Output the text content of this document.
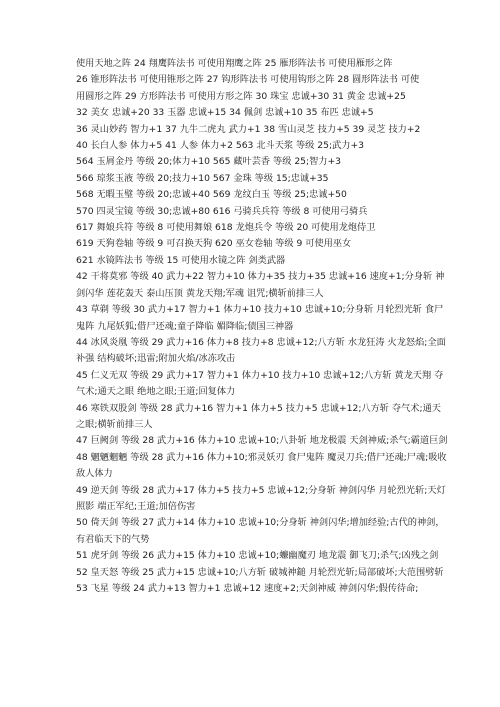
使用天地之阵 24 翔鹰阵法书 可使用翔鹰之阵 25 雁形阵法书 可使用雁形之阵

26 锥形阵法书 可使用锥形之阵 27 钩形阵法书 可使用钩形之阵 28 圆形阵法书 可使

用圆形之阵 29 方形阵法书 可使用方形之阵 30 珠宝 忠诚+30 31 黄金 忠诚+25

32 美女 忠诚+20 33 玉器 忠诚+15 34 佩剑 忠诚+10 35 布匹 忠诚+5

36 灵山妙药 智力+1 37 九牛二虎丸 武力+1 38 雪山灵芝 技力+5 39 灵芝 技力+2

40 长白人参 体力+5 41 人参 体力+2 563 北斗天浆 等级 25;武力+3

564 玉屑金丹 等级 20;体力+10 565 藏叶芸香 等级 25;智力+3

566 琼浆玉液 等级 20;技力+10 567 金珠 等级 15;忠诚+35

568 无暇玉璧 等级 20;忠诚+40 569 龙纹白玉 等级 25;忠诚+50

570 四灵宝镜 等级 30;忠诚+80 616 弓骑兵兵符 等级 8 可使用弓骑兵

617 舞娘兵符 等级 8 可使用舞娘 618 龙炮兵令 等级 20 可使用龙炮侍卫

619 天狗卷轴 等级 9 可召换天狗 620 巫女卷轴 等级 9 可使用巫女

621 水镜阵法书 等级 15 可使用水镜之阵 剑类武器

42 干将莫邪 等级 40 武力+22 智力+10 体力+35 技力+35 忠诚+16 速度+1;分身斩 神剑闪华 莲花轰天 泰山压顶 黄龙天翔;军魂 诅咒;横斩前排三人

43 草剃 等级 30 武力+17 智力+1 体力+10 技力+10 忠诚+10;分身斩 月轮烈光斩 食尸鬼阵 九尾妖狐;借尸还魂;童子降临 媚降临;债国三神器

44 冰风炎凰 等级 29 武力+16 体力+8 技力+8 忠诚+12;八方斩 水龙狂涛 火龙怒焰;全面补强 结构破坏;迅雷;附加火焰/冰冻攻击

45 仁义无双 等级 29 武力+17 智力+1 体力+10 技力+10 忠诚+12;八方斩 黄龙天翔 夺气术;通天之眼 绝地之眼;王道;回复体力

46 寒铁双股剑 等级 28 武力+16 智力+1 体力+5 技力+5 忠诚+12;八方斩 夺气术;通天之眼;横斩前排三人

47 巨阙剑 等级 28 武力+16 体力+10 忠诚+10;八卦斩 地龙极震 天剑神威;杀气;霸道巨剑

48 魍魉魍魉 等级 28 武力+16 体力+10;邪灵妖刃 食尸鬼阵 魔灵刀兵;借尸还魂;尸魂;吸收敌人体力

49 逆天剑 等级 28 武力+17 体力+5 技力+5 忠诚+12;分身斩 神剑闪华 月轮烈光斩;天灯照影 端正军纪;王道;加倍伤害

50 倚天剑 等级 27 武力+14 体力+10 忠诚+10;分身斩 神剑闪华;增加经验;古代的神剑，有君临天下的气势

51 虎牙剑 等级 26 武力+15 体力+10 忠诚+10;蠊幽魔刃 地龙震 御飞刀;杀气;凶残之剑

52 皇天怒 等级 25 武力+15 忠诚+10;八方斩 破城神鎚 月轮烈光斩;局部破坏;大范围劈斩

53 飞星 等级 24 武力+13 智力+1 忠诚+12 速度+2;天剑神威 神剑闪华;假传待命;
